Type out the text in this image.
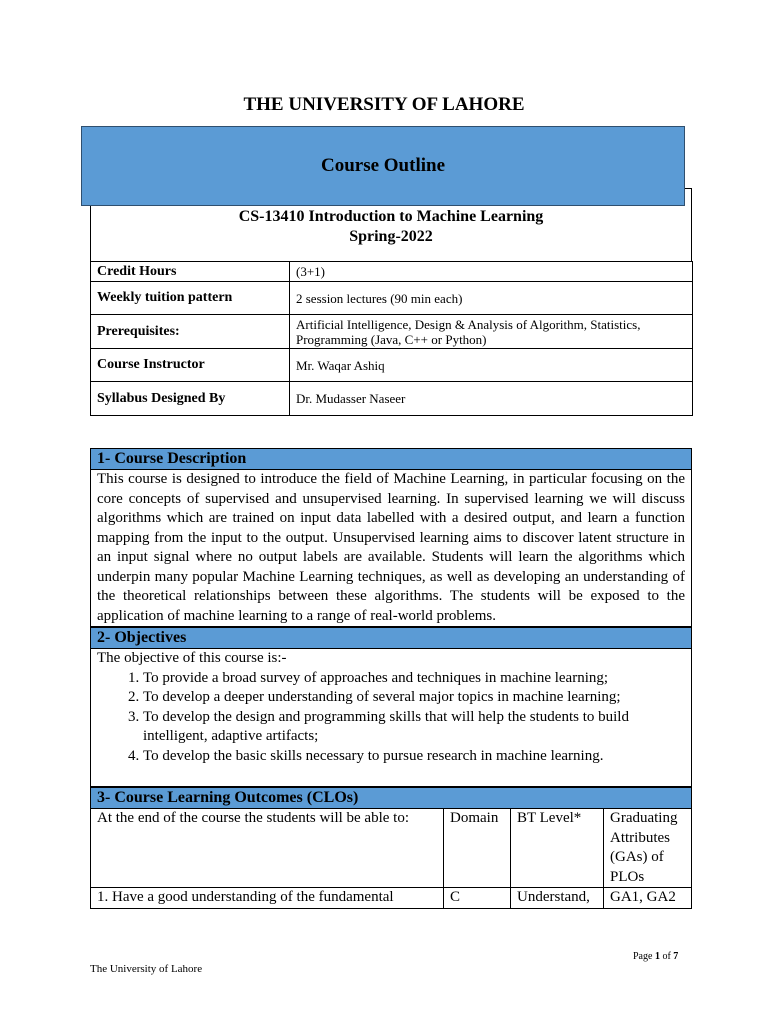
THE UNIVERSITY OF LAHORE
Course Outline
CS-13410 Introduction to Machine Learning
Spring-2022
Credit Hours	(3+1)
Weekly tuition pattern	2 session lectures (90 min each)
Prerequisites:	Artificial Intelligence, Design & Analysis of Algorithm, Statistics, Programming (Java, C++ or Python)
Course Instructor	Mr. Waqar Ashiq
Syllabus Designed By	Dr. Mudasser Naseer
1- Course Description
This course is designed to introduce the field of Machine Learning, in particular focusing on the core concepts of supervised and unsupervised learning. In supervised learning we will discuss algorithms which are trained on input data labelled with a desired output, and learn a function mapping from the input to the output. Unsupervised learning aims to discover latent structure in an input signal where no output labels are available. Students will learn the algorithms which underpin many popular Machine Learning techniques, as well as developing an understanding of the theoretical relationships between these algorithms. The students will be exposed to the application of machine learning to a range of real-world problems.
2- Objectives
The objective of this course is:-
1. To provide a broad survey of approaches and techniques in machine learning;
2. To develop a deeper understanding of several major topics in machine learning;
3. To develop the design and programming skills that will help the students to build intelligent, adaptive artifacts;
4. To develop the basic skills necessary to pursue research in machine learning.
3- Course Learning Outcomes (CLOs)
At the end of the course the students will be able to:	Domain	BT Level*	Graduating Attributes (GAs) of PLOs
1. Have a good understanding of the fundamental	C	Understand,	GA1, GA2
Page 1 of 7
The University of Lahore
